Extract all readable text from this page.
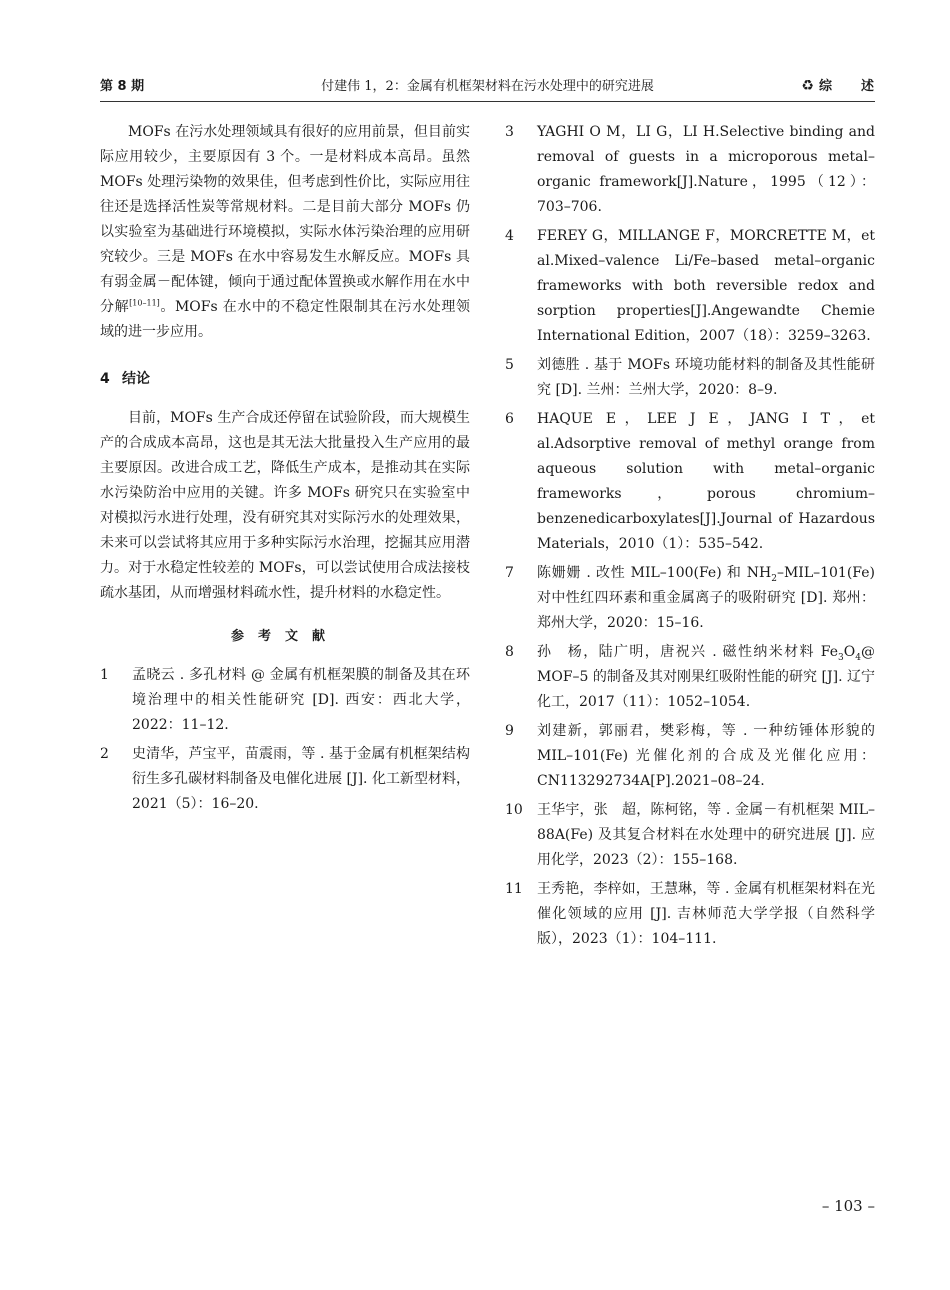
第 8 期	付建伟 1，2：金属有机框架材料在污水处理中的研究进展	♻ 综 述

MOFs 在污水处理领域具有很好的应用前景，但目前实际应用较少，主要原因有 3 个。一是材料成本高昂。虽然 MOFs 处理污染物的效果佳，但考虑到性价比，实际应用往往还是选择活性炭等常规材料。二是目前大部分 MOFs 仍以实验室为基础进行环境模拟，实际水体污染治理的应用研究较少。三是 MOFs 在水中容易发生水解反应。MOFs 具有弱金属－配体键，倾向于通过配体置换或水解作用在水中分解[10–11]。MOFs 在水中的不稳定性限制其在污水处理领域的进一步应用。

4 结论

目前，MOFs 生产合成还停留在试验阶段，而大规模生产的合成成本高昂，这也是其无法大批量投入生产应用的最主要原因。改进合成工艺，降低生产成本，是推动其在实际水污染防治中应用的关键。许多 MOFs 研究只在实验室中对模拟污水进行处理，没有研究其对实际污水的处理效果，未来可以尝试将其应用于多种实际污水治理，挖掘其应用潜力。对于水稳定性较差的 MOFs，可以尝试使用合成法接枝疏水基团，从而增强材料疏水性，提升材料的水稳定性。

参考文献
1	孟晓云 . 多孔材料 @ 金属有机框架膜的制备及其在环境治理中的相关性能研究 [D]. 西安：西北大学，2022：11–12.
2	史清华，芦宝平，苗震雨，等 . 基于金属有机框架结构衍生多孔碳材料制备及电催化进展 [J]. 化工新型材料，2021（5）：16–20.
3	YAGHI O M，LI G，LI H.Selective binding and removal of guests in a microporous metal–organic framework[J].Nature，1995（12）：703–706.
4	FEREY G，MILLANGE F，MORCRETTE M，et al.Mixed–valence Li/Fe–based metal–organic frameworks with both reversible redox and sorption properties[J].Angewandte Chemie International Edition，2007（18）：3259–3263.
5	刘德胜 . 基于 MOFs 环境功能材料的制备及其性能研究 [D]. 兰州：兰州大学，2020：8–9.
6	HAQUE E，LEE J E，JANG I T，et al.Adsorptive removal of methyl orange from aqueous solution with metal–organic frameworks，porous chromium–benzenedicarboxylates[J].Journal of Hazardous Materials，2010（1）：535–542.
7	陈姗姗 . 改性 MIL–100(Fe) 和 $NH_2-MIL-101(Fe)$ 对中性红四环素和重金属离子的吸附研究 [D]. 郑州：郑州大学，2020：15–16.
8	孙　杨，陆广明，唐祝兴 . 磁性纳米材料 $Fe_3O_4@$ MOF–5 的制备及其对刚果红吸附性能的研究 [J]. 辽宁化工，2017（11）：1052–1054.
9	刘建新，郭丽君，樊彩梅，等 . 一种纺锤体形貌的 MIL–101(Fe) 光催化剂的合成及光催化应用：CN113292734A[P].2021–08–24.
10	王华宇，张　超，陈柯铭，等 . 金属－有机框架 MIL–88A(Fe) 及其复合材料在水处理中的研究进展 [J]. 应用化学，2023（2）：155–168.
11	王秀艳，李梓如，王慧琳，等 . 金属有机框架材料在光催化领域的应用 [J]. 吉林师范大学学报（自然科学版），2023（1）：104–111.
– 103 –
